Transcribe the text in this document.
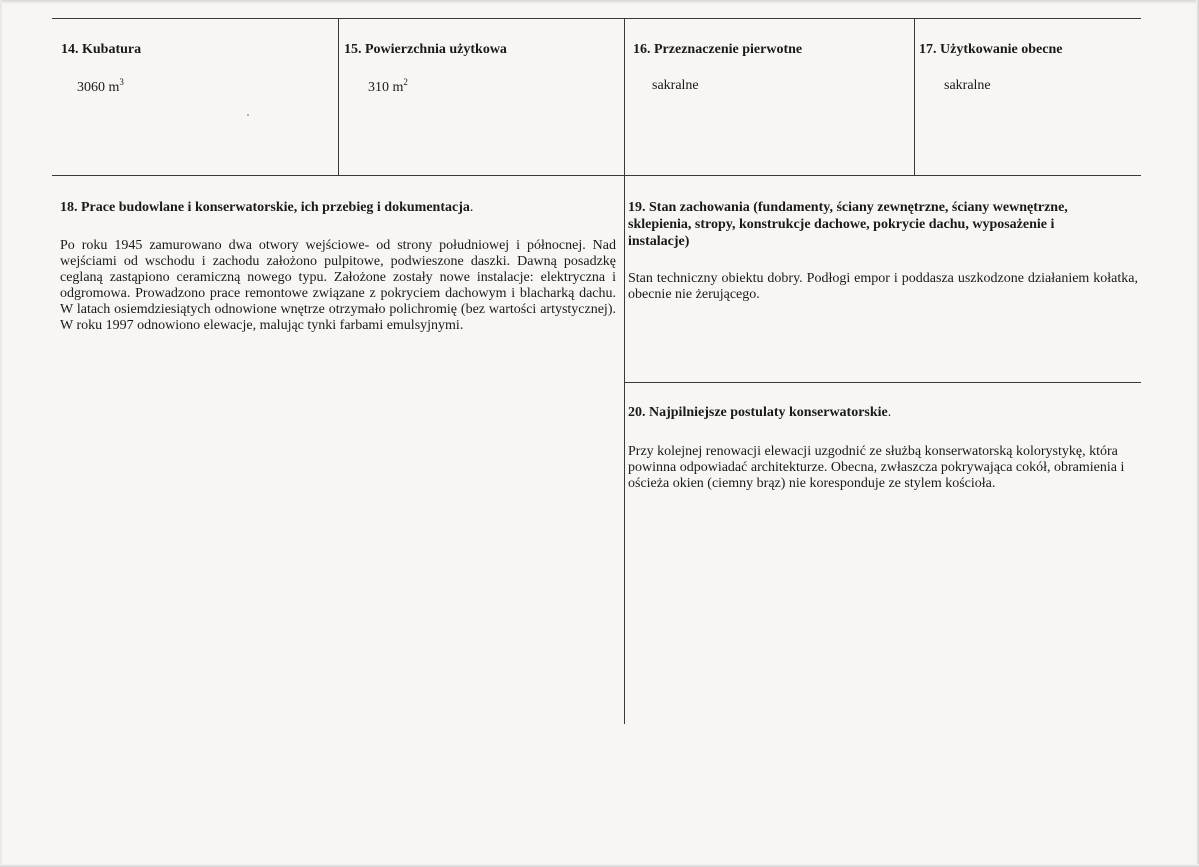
14. Kubatura
3060 $m^3$
15. Powierzchnia użytkowa
310 $m^2$
16. Przeznaczenie pierwotne
sakralne
17. Użytkowanie obecne
sakralne
18. Prace budowlane i konserwatorskie, ich przebieg i dokumentacja.
Po roku 1945 zamurowano dwa otwory wejściowe- od strony południowej i północnej. Nad wejściami od wschodu i zachodu założono pulpitowe, podwieszone daszki. Dawną posadzkę ceglaną zastąpiono ceramiczną nowego typu. Założone zostały nowe instalacje: elektryczna i odgromowa. Prowadzono prace remontowe związane z pokryciem dachowym i blacharką dachu. W latach osiemdziesiątych odnowione wnętrze otrzymało polichromię (bez wartości artystycznej). W roku 1997 odnowiono elewacje, malując tynki farbami emulsyjnymi.
19. Stan zachowania (fundamenty, ściany zewnętrzne, ściany wewnętrzne, sklepienia, stropy, konstrukcje dachowe, pokrycie dachu, wyposażenie i instalacje)
Stan techniczny obiektu dobry. Podłogi empor i poddasza uszkodzone działaniem kołatka, obecnie nie żerującego.
20. Najpilniejsze postulaty konserwatorskie.
Przy kolejnej renowacji elewacji uzgodnić ze służbą konserwatorską kolorystykę, która powinna odpowiadać architekturze. Obecna, zwłaszcza pokrywająca cokół, obramienia i ościeża okien (ciemny brąz) nie koresponduje ze stylem kościoła.
